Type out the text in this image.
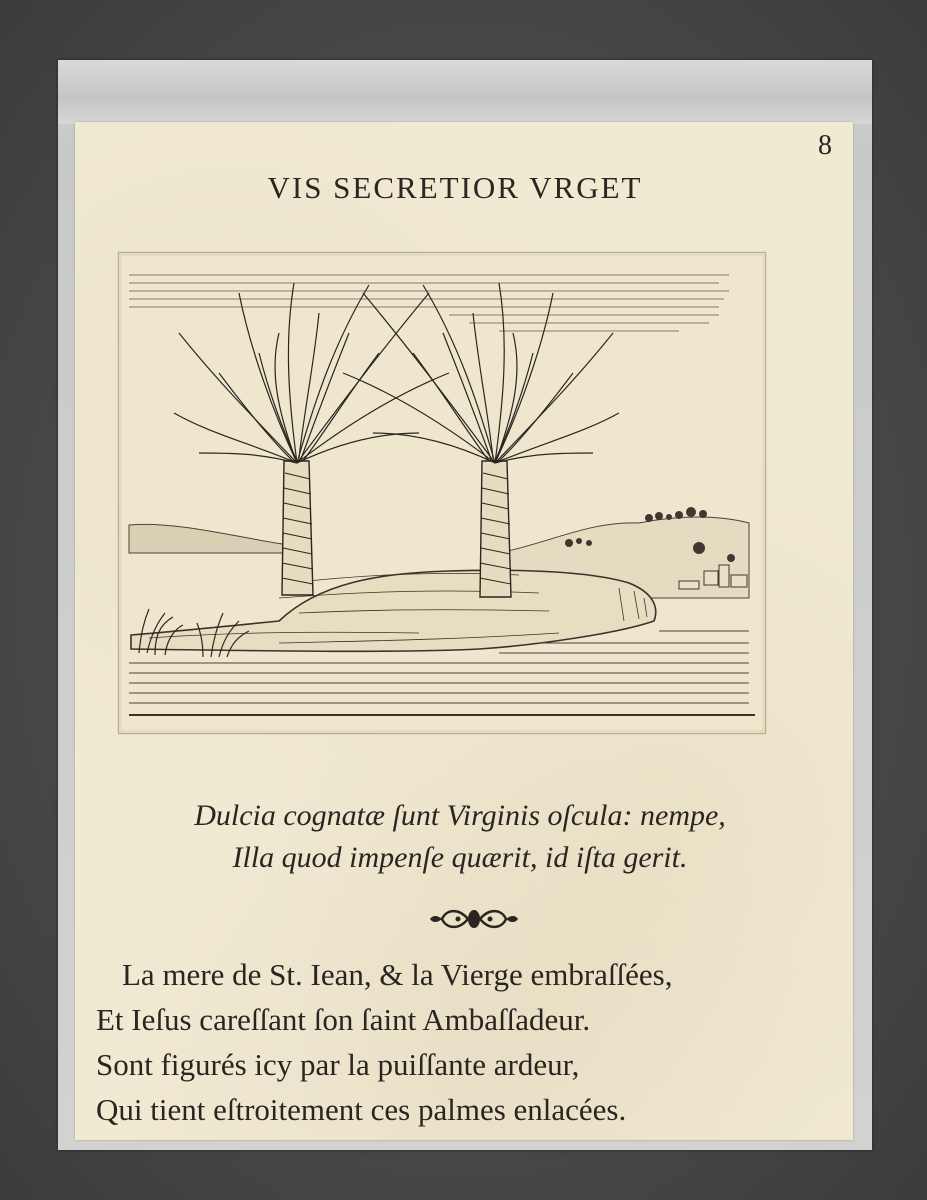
8
VIS SECRETIOR VRGET
Dulcia cognatæ ſunt Virginis oſcula: nempe,
Illa quod impenſe quærit, id iſta gerit.
La mere de St. Iean, & la Vierge embraſſées,
Et Ieſus careſſant ſon ſaint Ambaſſadeur.
Sont figurés icy par la puiſſante ardeur,
Qui tient eſtroitement ces palmes enlacées.
